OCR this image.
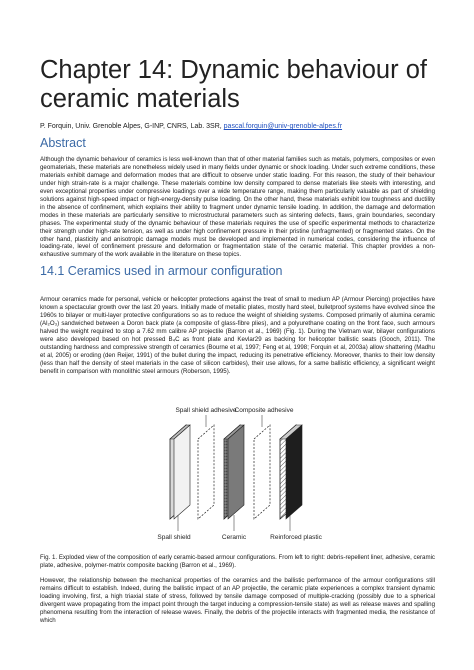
Chapter 14: Dynamic behaviour of
ceramic materials
P. Forquin, Univ. Grenoble Alpes, G-INP, CNRS, Lab. 3SR, pascal.forquin@univ-grenoble-alpes.fr
Abstract

Although the dynamic behaviour of ceramics is less well-known than that of other material families such as metals, polymers, composites or even geomaterials, these materials are nonetheless widely used in many fields under dynamic or shock loading. Under such extreme conditions, these materials exhibit damage and deformation modes that are difficult to observe under static loading. For this reason, the study of their behaviour under high strain-rate is a major challenge. These materials combine low density compared to dense materials like steels with interesting, and even exceptional properties under compressive loadings over a wide temperature range, making them particularly valuable as part of shielding solutions against high-speed impact or high-energy-density pulse loading. On the other hand, these materials exhibit low toughness and ductility in the absence of confinement, which explains their ability to fragment under dynamic tensile loading. In addition, the damage and deformation modes in these materials are particularly sensitive to microstructural parameters such as sintering defects, flaws, grain boundaries, secondary phases. The experimental study of the dynamic behaviour of these materials requires the use of specific experimental methods to characterize their strength under high-rate tension, as well as under high confinement pressure in their pristine (unfragmented) or fragmented states. On the other hand, plasticity and anisotropic damage models must be developed and implemented in numerical codes, considering the influence of loading-rate, level of confinement pressure and deformation or fragmentation state of the ceramic material. This chapter provides a non-exhaustive summary of the work available in the literature on these topics.

14.1 Ceramics used in armour configuration

Armour ceramics made for personal, vehicle or helicopter protections against the treat of small to medium AP (Armour Piercing) projectiles have known a spectacular growth over the last 20 years. Initially made of metallic plates, mostly hard steel, bulletproof systems have evolved since the 1960s to bilayer or multi-layer protective configurations so as to reduce the weight of shielding systems. Composed primarily of alumina ceramic (Al₂O₃) sandwiched between a Doron back plate (a composite of glass-fibre plies), and a polyurethane coating on the front face, such armours halved the weight required to stop a 7.62 mm calibre AP projectile (Barron et al., 1969) (Fig. 1). During the Vietnam war, bilayer configurations were also developed based on hot pressed B₄C as front plate and Kevlar29 as backing for helicopter ballistic seats (Gooch, 2011). The outstanding hardness and compressive strength of ceramics (Bourne et al, 1997; Feng et al, 1998; Forquin et al, 2003a) allow shattering (Madhu et al, 2005) or eroding (den Reijer, 1991) of the bullet during the impact, reducing its penetrative efficiency. Moreover, thanks to their low density (less than half the density of steel materials in the case of silicon carbides), their use allows, for a same ballistic efficiency, a significant weight benefit in comparison with monolithic steel armours (Roberson, 1995).

Spall shield adhesive
Composite adhesive
Spall shield	Ceramic	Reinforced plastic

Fig. 1. Exploded view of the composition of early ceramic-based armour configurations. From left to right: debris-repellent liner, adhesive, ceramic plate, adhesive, polymer-matrix composite backing (Barron et al., 1969).

However, the relationship between the mechanical properties of the ceramics and the ballistic performance of the armour configurations still remains difficult to establish. Indeed, during the ballistic impact of an AP projectile, the ceramic plate experiences a complex transient dynamic loading involving, first, a high triaxial state of stress, followed by tensile damage composed of multiple-cracking (possibly due to a spherical divergent wave propagating from the impact point through the target inducing a compression-tensile state) as well as release waves and spalling phenomena resulting from the interaction of release waves. Finally, the debris of the projectile interacts with fragmented media, the resistance of which
